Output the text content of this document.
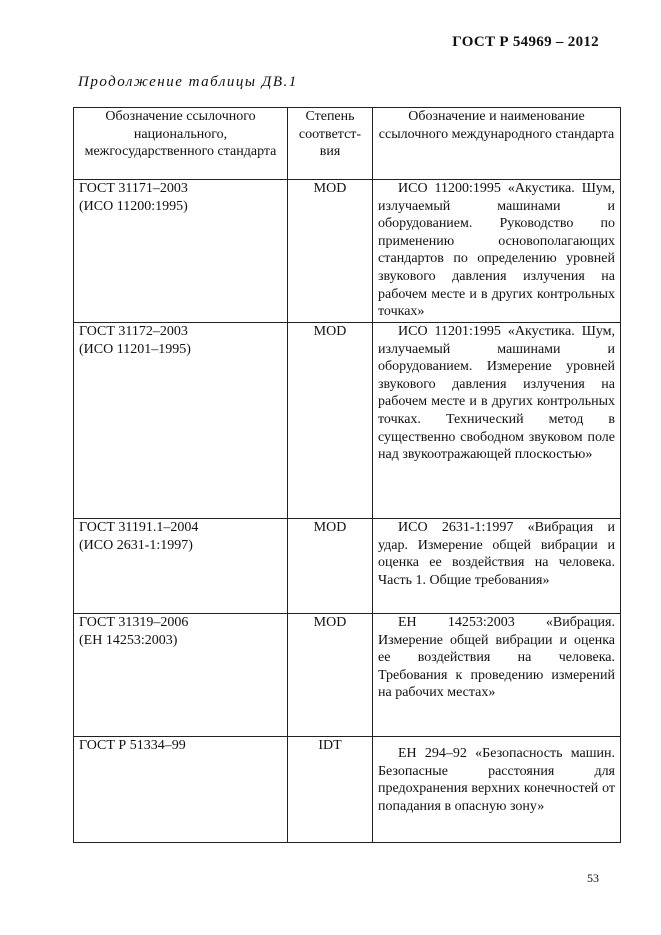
ГОСТ Р 54969 – 2012
Продолжение таблицы ДВ.1
Обозначение ссылочного национального, межгосударственного стандарта	Степень соответст-вия	Обозначение и наименование ссылочного международного стандарта

ГОСТ 31171–2003
(ИСО 11200:1995)	MOD	ИСО 11200:1995 «Акустика. Шум, излучаемый машинами и оборудованием. Руководство по применению основополагающих стандартов по определению уровней звукового давления излучения на рабочем месте и в других контрольных точках»

ГОСТ 31172–2003
(ИСО 11201–1995)	MOD	ИСО 11201:1995 «Акустика. Шум, излучаемый машинами и оборудованием. Измерение уровней звукового давления излучения на рабочем месте и в других контрольных точках. Технический метод в существенно свободном звуковом поле над звукоотражающей плоскостью»

ГОСТ 31191.1–2004
(ИСО 2631-1:1997)	MOD	ИСО 2631-1:1997 «Вибрация и удар. Измерение общей вибрации и оценка ее воздействия на человека. Часть 1. Общие требования»

ГОСТ 31319–2006
(ЕН 14253:2003)	MOD	ЕН 14253:2003 «Вибрация. Измерение общей вибрации и оценка ее воздействия на человека. Требования к проведению измерений на рабочих местах»

ГОСТ Р 51334–99	IDT	ЕН 294–92 «Безопасность машин. Безопасные расстояния для предохранения верхних конечностей от попадания в опасную зону»
53
